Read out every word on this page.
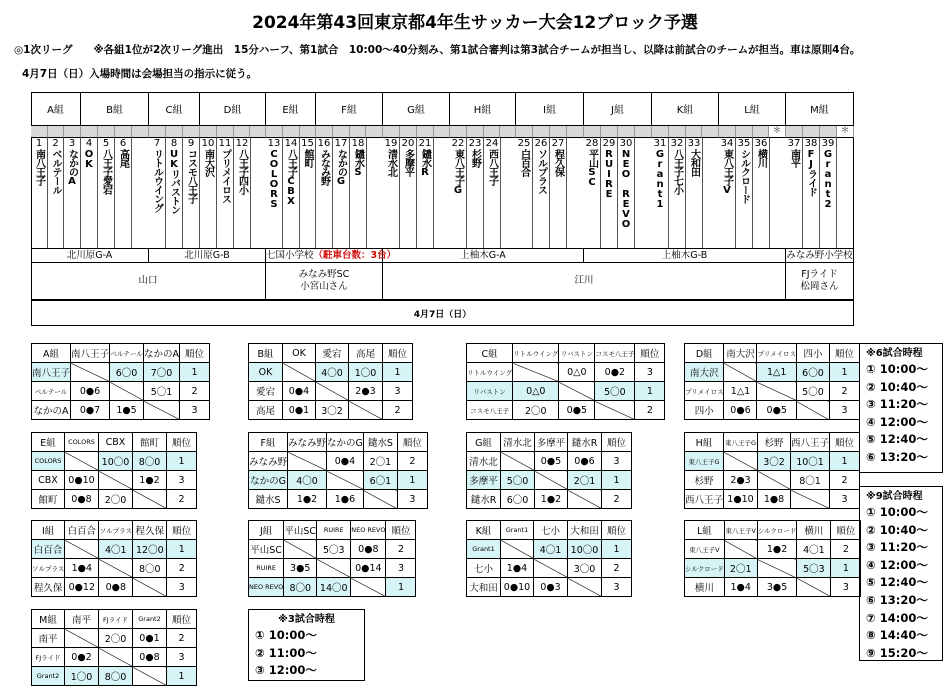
2024年第43回東京都4年生サッカー大会12ブロック予選
◎1次リーグ　　※各組1位が2次リーグ進出　15分ハーフ、第1試合　10:00～40分刻み、第1試合審判は第3試合チームが担当し、以降は前試合のチームが担当。車は原則4台。
4月7日（日）入場時間は会場担当の指示に従う。
A組	B組	C組	D組	E組	F組	G組	H組	I組	J組	K組	L組	M組
＊	＊
1
南八王子
2
ベルテール
3
なかのA
4
OK
5
八王子愛宕
6
高尾
7
リトルウイング
8
UKリバストン
9
コスモ八王子
10
南大沢
11
プリメイロス
12
八王子四小
13
COLORS
14
八王子CBX
15
館町
16
みなみ野
17
なかのG
18
鑓水S
19
清水北
20
多摩平
21
鑓水R
22
東八王子G
23
杉野
24
西八王子
25
白百合
26
ソルプラス
27
程久保
28
平山SC
29
RUIRE
30
NEO REVO
31
Grant1
32
八王子七小
33
大和田
34
東八王子V
35
シルクロード
36
横川
37
南平
38
FJライド
39
Grant2
北川原G-A	北川原G-B	七国小学校（駐車台数：3台）	上柚木G-A	上柚木G-B	みなみ野小学校
山口
みなみ野SC
小宮山さん
江川
FJライド
松岡さん
4月7日（日）
A組	南八王子	ベルテール	なかのA	順位
南八王子		6〇0	7〇0	1
ベルテール	0●6		5〇1	2
なかのA	0●7	1●5		3
B組	OK	愛宕	高尾	順位
OK		4〇0	1〇0	1
愛宕	0●4		2●3	3
高尾	0●1	3〇2		2
C組	リトルウイング	リバストン	コスモ八王子	順位
リトルウイング		0△0	0●2	3
リバストン	0△0		5〇0	1
コスモ八王子	2〇0	0●5		2
D組	南大沢	プリメイロス	四小	順位
南大沢		1△1	6〇0	1
プリメイロス	1△1		5〇0	2
四小	0●6	0●5		3
E組	COLORS	CBX	館町	順位
COLORS		10〇0	8〇0	1
CBX	0●10		1●2	3
館町	0●8	2〇0		2
F組	みなみ野	なかのG	鑓水S	順位
みなみ野		0●4	2〇1	2
なかのG	4〇0		6〇1	1
鑓水S	1●2	1●6		3
G組	清水北	多摩平	鑓水R	順位
清水北		0●5	0●6	3
多摩平	5〇0		2〇1	1
鑓水R	6〇0	1●2		2
H組	東八王子G	杉野	西八王子	順位
東八王子G		3〇2	10〇1	1
杉野	2●3		8〇1	2
西八王子	1●10	1●8		3
I組	白百合	ソルプラス	程久保	順位
白百合		4〇1	12〇0	1
ソルプラス	1●4		8〇0	2
程久保	0●12	0●8		3
J組	平山SC	RUIRE	NEO REVO	順位
平山SC		5〇3	0●8	2
RUIRE	3●5		0●14	3
NEO REVO	8〇0	14〇0		1
K組	Grant1	七小	大和田	順位
Grant1		4〇1	10〇0	1
七小	1●4		3〇0	2
大和田	0●10	0●3		3
L組	東八王子V	シルクロード	横川	順位
東八王子V		1●2	4〇1	2
シルクロード	2〇1		5〇3	1
横川	1●4	3●5		3
M組	南平	FJライド	Grant2	順位
南平		2〇0	0●1	2
FJライド	0●2		0●8	3
Grant2	1〇0	8〇0		1
※6試合時程
① 10:00～
② 10:40～
③ 11:20～
④ 12:00～
⑤ 12:40～
⑥ 13:20～
※9試合時程
① 10:00～
② 10:40～
③ 11:20～
④ 12:00～
⑤ 12:40～
⑥ 13:20～
⑦ 14:00～
⑧ 14:40～
⑨ 15:20～
※3試合時程
① 10:00～
② 11:00～
③ 12:00～
